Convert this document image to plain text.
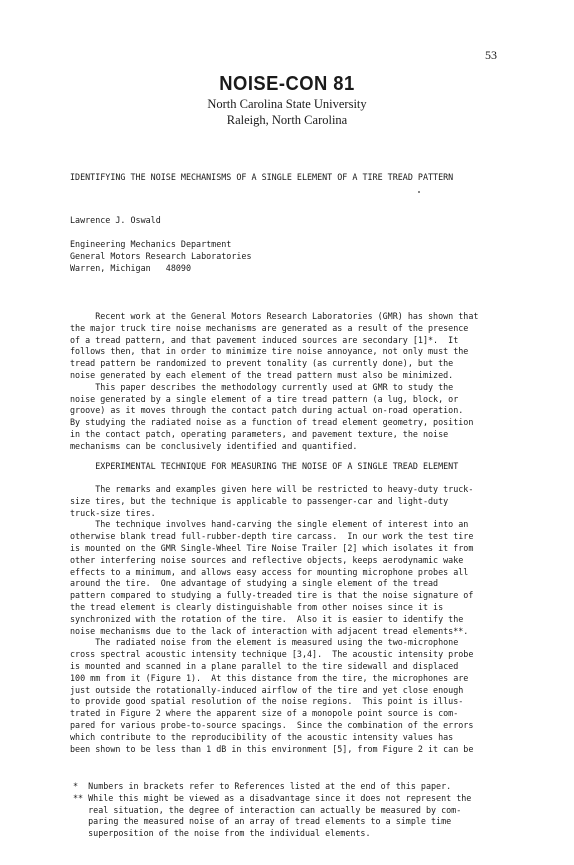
53
NOISE-CON 81
North Carolina State University
Raleigh, North Carolina
IDENTIFYING THE NOISE MECHANISMS OF A SINGLE ELEMENT OF A TIRE TREAD PATTERN
Lawrence J. Oswald
Engineering Mechanics Department
General Motors Research Laboratories
Warren, Michigan   48090
Recent work at the General Motors Research Laboratories (GMR) has shown that
the major truck tire noise mechanisms are generated as a result of the presence
of a tread pattern, and that pavement induced sources are secondary [1]*.  It
follows then, that in order to minimize tire noise annoyance, not only must the
tread pattern be randomized to prevent tonality (as currently done), but the
noise generated by each element of the tread pattern must also be minimized.
This paper describes the methodology currently used at GMR to study the
noise generated by a single element of a tire tread pattern (a lug, block, or
groove) as it moves through the contact patch during actual on-road operation.
By studying the radiated noise as a function of tread element geometry, position
in the contact patch, operating parameters, and pavement texture, the noise
mechanisms can be conclusively identified and quantified.
EXPERIMENTAL TECHNIQUE FOR MEASURING THE NOISE OF A SINGLE TREAD ELEMENT
The remarks and examples given here will be restricted to heavy-duty truck-
size tires, but the technique is applicable to passenger-car and light-duty
truck-size tires.
The technique involves hand-carving the single element of interest into an
otherwise blank tread full-rubber-depth tire carcass.  In our work the test tire
is mounted on the GMR Single-Wheel Tire Noise Trailer [2] which isolates it from
other interfering noise sources and reflective objects, keeps aerodynamic wake
effects to a minimum, and allows easy access for mounting microphone probes all
around the tire.  One advantage of studying a single element of the tread
pattern compared to studying a fully-treaded tire is that the noise signature of
the tread element is clearly distinguishable from other noises since it is
synchronized with the rotation of the tire.  Also it is easier to identify the
noise mechanisms due to the lack of interaction with adjacent tread elements**.
The radiated noise from the element is measured using the two-microphone
cross spectral acoustic intensity technique [3,4].  The acoustic intensity probe
is mounted and scanned in a plane parallel to the tire sidewall and displaced
100 mm from it (Figure 1).  At this distance from the tire, the microphones are
just outside the rotationally-induced airflow of the tire and yet close enough
to provide good spatial resolution of the noise regions.  This point is illus-
trated in Figure 2 where the apparent size of a monopole point source is com-
pared for various probe-to-source spacings.  Since the combination of the errors
which contribute to the reproducibility of the acoustic intensity values has
been shown to be less than 1 dB in this environment [5], from Figure 2 it can be
*  Numbers in brackets refer to References listed at the end of this paper.
** While this might be viewed as a disadvantage since it does not represent the
real situation, the degree of interaction can actually be measured by com-
paring the measured noise of an array of tread elements to a simple time
superposition of the noise from the individual elements.
